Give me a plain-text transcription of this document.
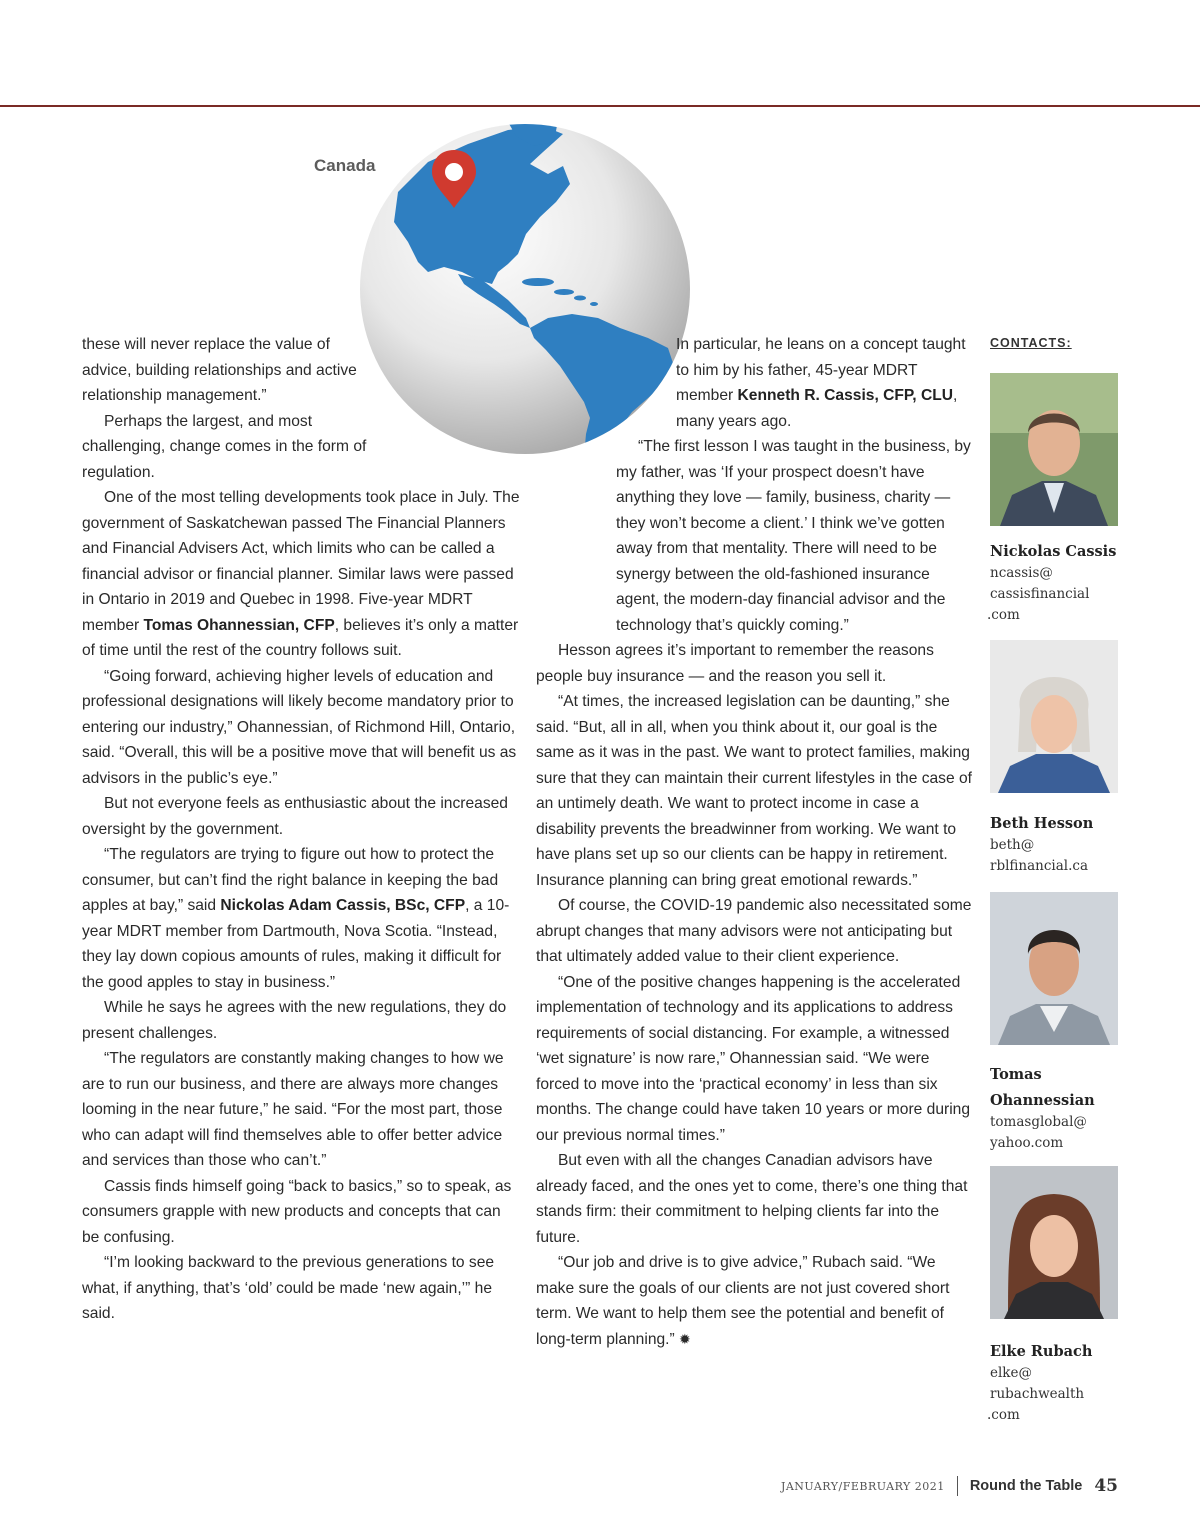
Canada

these will never replace the value of advice, building relationships and active relationship management.”

Perhaps the largest, and most challenging, change comes in the form of regulation.

One of the most telling developments took place in July. The government of Saskatchewan passed The Financial Planners and Financial Advisers Act, which limits who can be called a financial advisor or financial planner. Similar laws were passed in Ontario in 2019 and Quebec in 1998. Five-year MDRT member Tomas Ohannessian, CFP, believes it’s only a matter of time until the rest of the country follows suit.

“Going forward, achieving higher levels of education and professional designations will likely become mandatory prior to entering our industry,” Ohannessian, of Richmond Hill, Ontario, said. “Overall, this will be a positive move that will benefit us as advisors in the public’s eye.”

But not everyone feels as enthusiastic about the increased oversight by the government.

“The regulators are trying to figure out how to protect the consumer, but can’t find the right balance in keeping the bad apples at bay,” said Nickolas Adam Cassis, BSc, CFP, a 10-year MDRT member from Dartmouth, Nova Scotia. “Instead, they lay down copious amounts of rules, making it difficult for the good apples to stay in business.”

While he says he agrees with the new regulations, they do present challenges.

“The regulators are constantly making changes to how we are to run our business, and there are always more changes looming in the near future,” he said. “For the most part, those who can adapt will find themselves able to offer better advice and services than those who can’t.”

Cassis finds himself going “back to basics,” so to speak, as consumers grapple with new products and concepts that can be confusing.

“I’m looking backward to the previous generations to see what, if anything, that’s ‘old’ could be made ‘new again,’” he said.

In particular, he leans on a concept taught to him by his father, 45-year MDRT member Kenneth R. Cassis, CFP, CLU, many years ago.

“The first lesson I was taught in the business, by my father, was ‘If your prospect doesn’t have anything they love — family, business, charity — they won’t become a client.’ I think we’ve gotten away from that mentality. There will need to be synergy between the old-fashioned insurance agent, the modern-day financial advisor and the technology that’s quickly coming.”

Hesson agrees it’s important to remember the reasons people buy insurance — and the reason you sell it.

“At times, the increased legislation can be daunting,” she said. “But, all in all, when you think about it, our goal is the same as it was in the past. We want to protect families, making sure that they can maintain their current lifestyles in the case of an untimely death. We want to protect income in case a disability prevents the breadwinner from working. We want to have plans set up so our clients can be happy in retirement. Insurance planning can bring great emotional rewards.”

Of course, the COVID-19 pandemic also necessitated some abrupt changes that many advisors were not anticipating but that ultimately added value to their client experience.

“One of the positive changes happening is the accelerated implementation of technology and its applications to address requirements of social distancing. For example, a witnessed ‘wet signature’ is now rare,” Ohannessian said. “We were forced to move into the ‘practical economy’ in less than six months. The change could have taken 10 years or more during our previous normal times.”

But even with all the changes Canadian advisors have already faced, and the ones yet to come, there’s one thing that stands firm: their commitment to helping clients far into the future.

“Our job and drive is to give advice,” Rubach said. “We make sure the goals of our clients are not just covered short term. We want to help them see the potential and benefit of long-term planning.” ✹

CONTACTS:
Nickolas Cassis
ncassis@
cassisfinancial
.com
Beth Hesson
beth@
rblfinancial.ca
Tomas
Ohannessian
tomasglobal@
yahoo.com
Elke Rubach
elke@
rubachwealth
.com
JANUARY/FEBRUARY 2021 Round the Table 45
